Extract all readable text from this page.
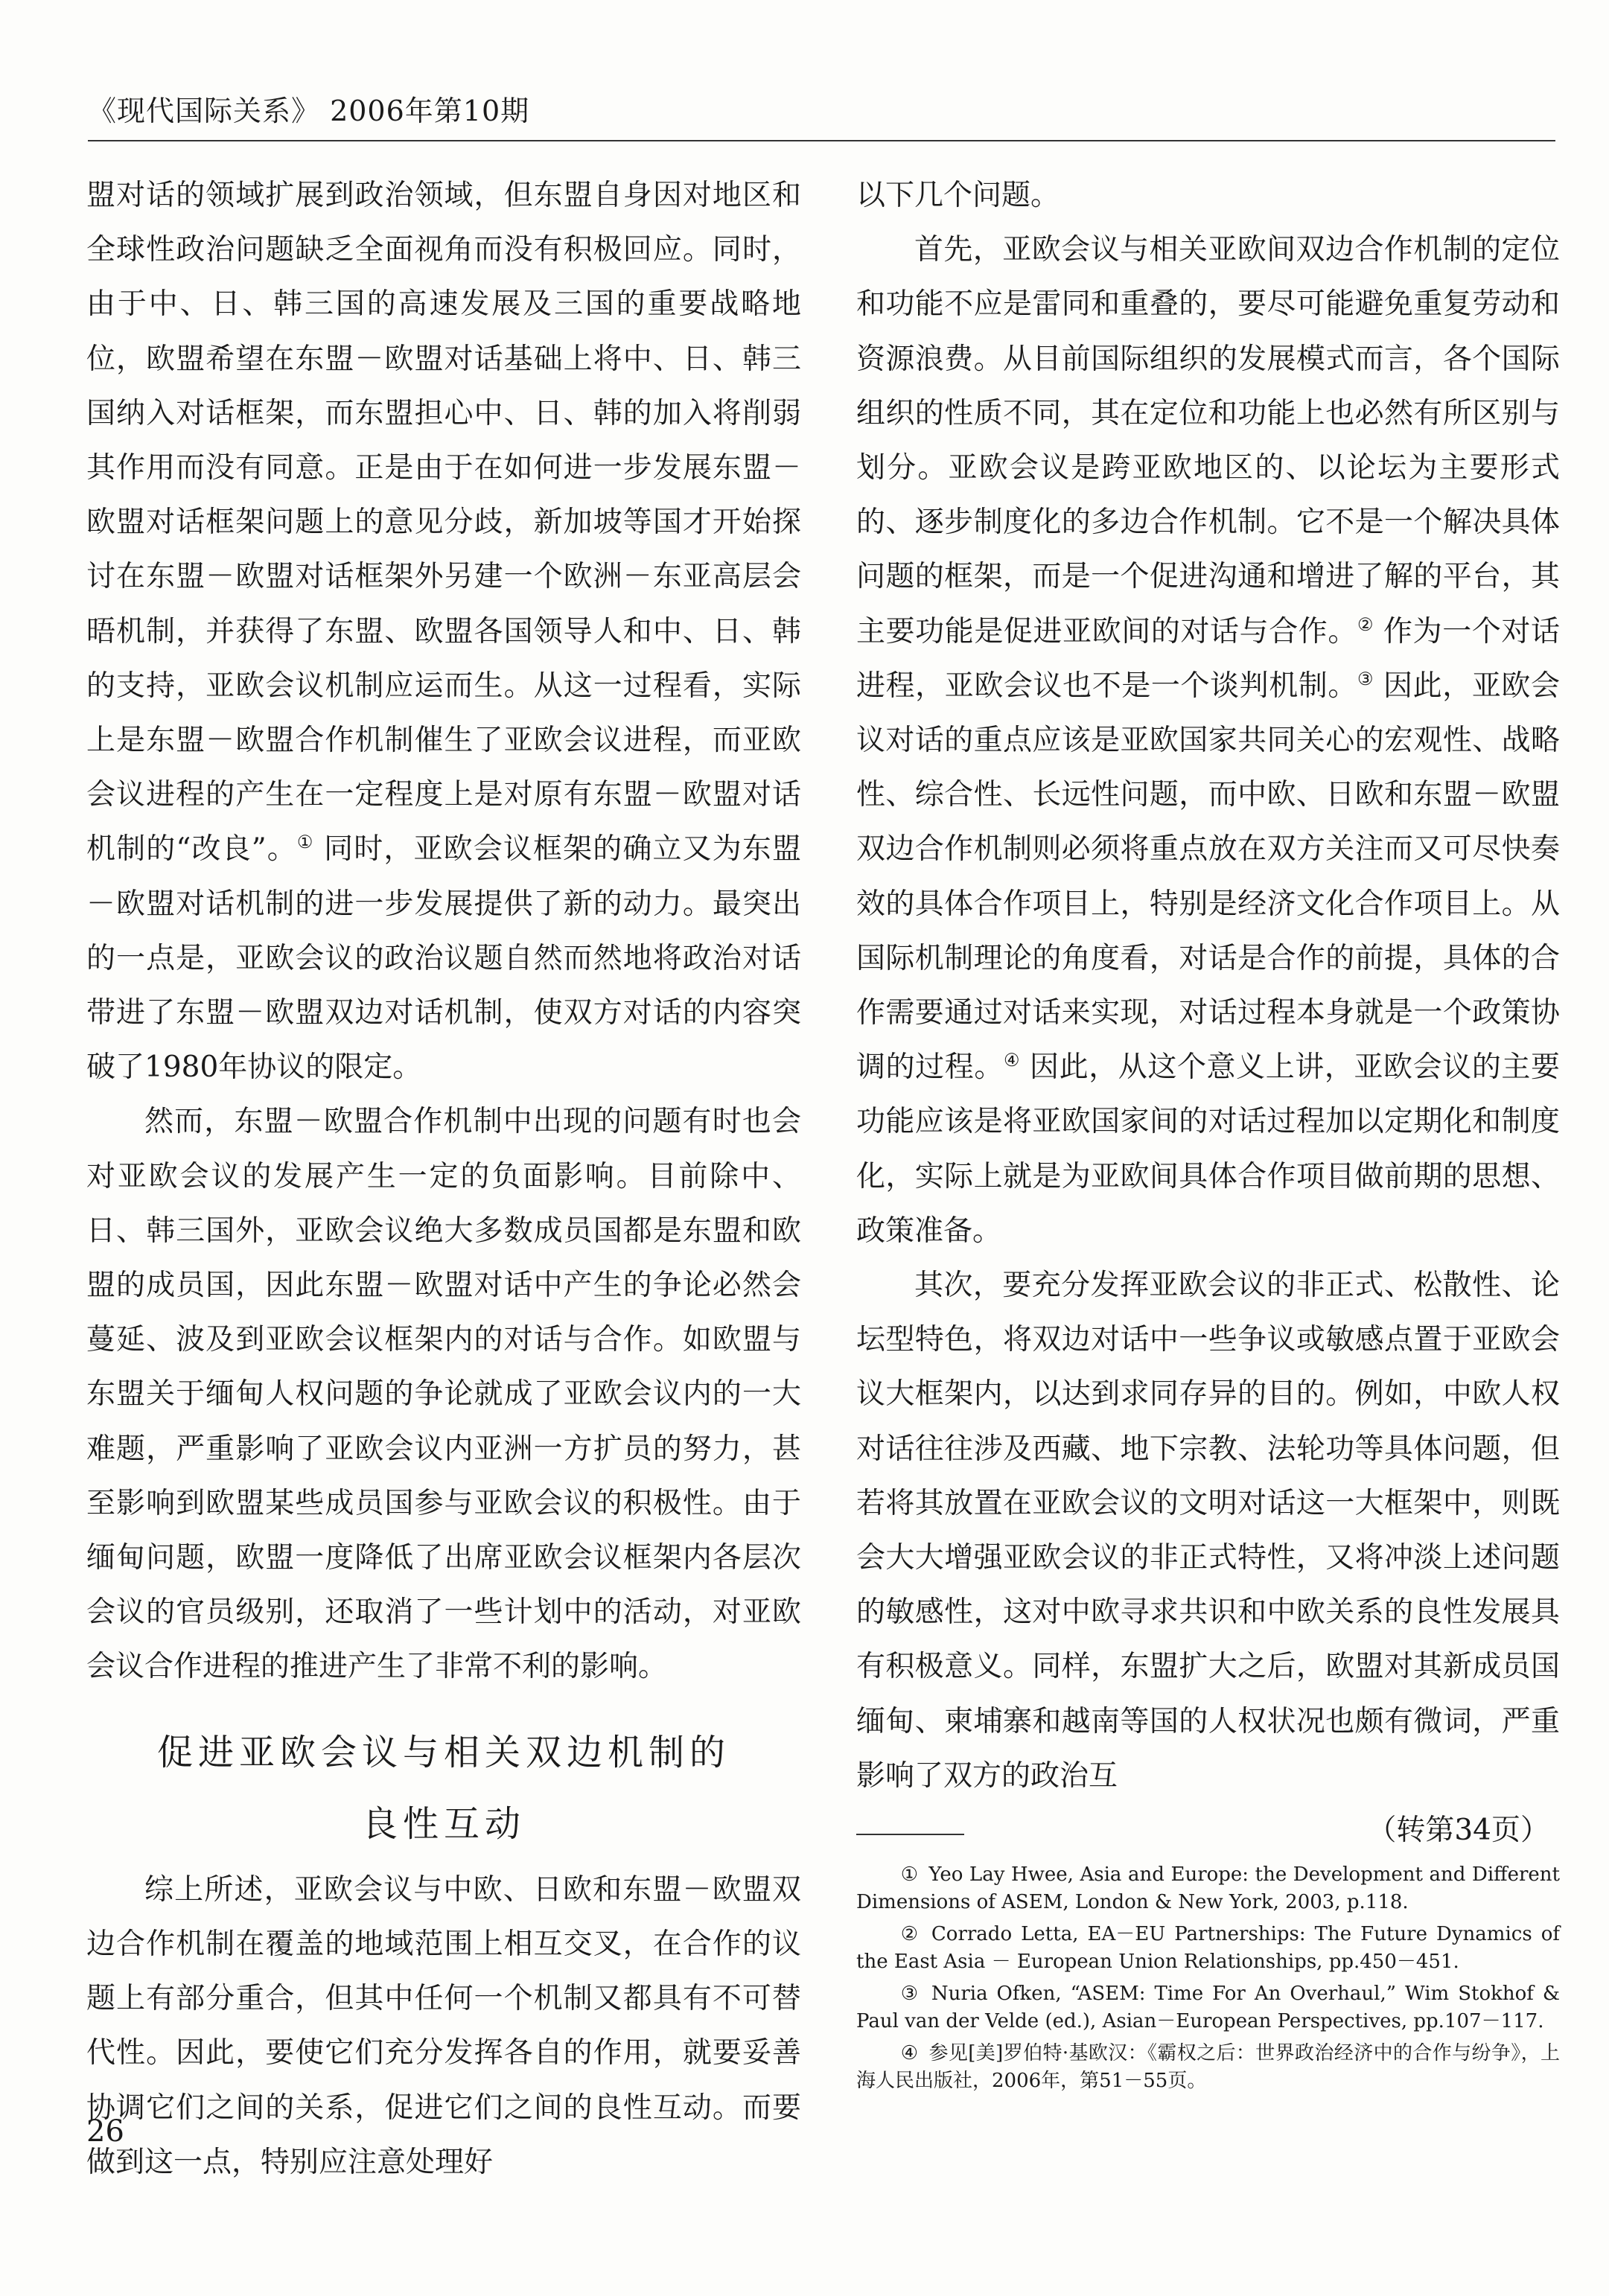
《现代国际关系》 2006年第10期

盟对话的领域扩展到政治领域，但东盟自身因对地区和全球性政治问题缺乏全面视角而没有积极回应。同时，由于中、日、韩三国的高速发展及三国的重要战略地位，欧盟希望在东盟－欧盟对话基础上将中、日、韩三国纳入对话框架，而东盟担心中、日、韩的加入将削弱其作用而没有同意。正是由于在如何进一步发展东盟－欧盟对话框架问题上的意见分歧，新加坡等国才开始探讨在东盟－欧盟对话框架外另建一个欧洲－东亚高层会晤机制，并获得了东盟、欧盟各国领导人和中、日、韩的支持，亚欧会议机制应运而生。从这一过程看，实际上是东盟－欧盟合作机制催生了亚欧会议进程，而亚欧会议进程的产生在一定程度上是对原有东盟－欧盟对话机制的“改良”。① 同时，亚欧会议框架的确立又为东盟－欧盟对话机制的进一步发展提供了新的动力。最突出的一点是，亚欧会议的政治议题自然而然地将政治对话带进了东盟－欧盟双边对话机制，使双方对话的内容突破了1980年协议的限定。

然而，东盟－欧盟合作机制中出现的问题有时也会对亚欧会议的发展产生一定的负面影响。目前除中、日、韩三国外，亚欧会议绝大多数成员国都是东盟和欧盟的成员国，因此东盟－欧盟对话中产生的争论必然会蔓延、波及到亚欧会议框架内的对话与合作。如欧盟与东盟关于缅甸人权问题的争论就成了亚欧会议内的一大难题，严重影响了亚欧会议内亚洲一方扩员的努力，甚至影响到欧盟某些成员国参与亚欧会议的积极性。由于缅甸问题，欧盟一度降低了出席亚欧会议框架内各层次会议的官员级别，还取消了一些计划中的活动，对亚欧会议合作进程的推进产生了非常不利的影响。

促进亚欧会议与相关双边机制的
良性互动

综上所述，亚欧会议与中欧、日欧和东盟－欧盟双边合作机制在覆盖的地域范围上相互交叉，在合作的议题上有部分重合，但其中任何一个机制又都具有不可替代性。因此，要使它们充分发挥各自的作用，就要妥善协调它们之间的关系，促进它们之间的良性互动。而要做到这一点，特别应注意处理好

以下几个问题。

首先，亚欧会议与相关亚欧间双边合作机制的定位和功能不应是雷同和重叠的，要尽可能避免重复劳动和资源浪费。从目前国际组织的发展模式而言，各个国际组织的性质不同，其在定位和功能上也必然有所区别与划分。亚欧会议是跨亚欧地区的、以论坛为主要形式的、逐步制度化的多边合作机制。它不是一个解决具体问题的框架，而是一个促进沟通和增进了解的平台，其主要功能是促进亚欧间的对话与合作。② 作为一个对话进程，亚欧会议也不是一个谈判机制。③ 因此，亚欧会议对话的重点应该是亚欧国家共同关心的宏观性、战略性、综合性、长远性问题，而中欧、日欧和东盟－欧盟双边合作机制则必须将重点放在双方关注而又可尽快奏效的具体合作项目上，特别是经济文化合作项目上。从国际机制理论的角度看，对话是合作的前提，具体的合作需要通过对话来实现，对话过程本身就是一个政策协调的过程。④ 因此，从这个意义上讲，亚欧会议的主要功能应该是将亚欧国家间的对话过程加以定期化和制度化，实际上就是为亚欧间具体合作项目做前期的思想、政策准备。

其次，要充分发挥亚欧会议的非正式、松散性、论坛型特色，将双边对话中一些争议或敏感点置于亚欧会议大框架内，以达到求同存异的目的。例如，中欧人权对话往往涉及西藏、地下宗教、法轮功等具体问题，但若将其放置在亚欧会议的文明对话这一大框架中，则既会大大增强亚欧会议的非正式特性，又将冲淡上述问题的敏感性，这对中欧寻求共识和中欧关系的良性发展具有积极意义。同样，东盟扩大之后，欧盟对其新成员国缅甸、柬埔寨和越南等国的人权状况也颇有微词，严重影响了双方的政治互

（转第34页）

① Yeo Lay Hwee, Asia and Europe: the Development and Different Dimensions of ASEM, London & New York, 2003, p.118.

② Corrado Letta, EA－EU Partnerships: The Future Dynamics of the East Asia － European Union Relationships, pp.450－451.

③ Nuria Ofken, “ASEM: Time For An Overhaul,” Wim Stokhof & Paul van der Velde (ed.), Asian－European Perspectives, pp.107－117.

④ 参见[美]罗伯特·基欧汉：《霸权之后：世界政治经济中的合作与纷争》，上海人民出版社，2006年，第51－55页。

26
